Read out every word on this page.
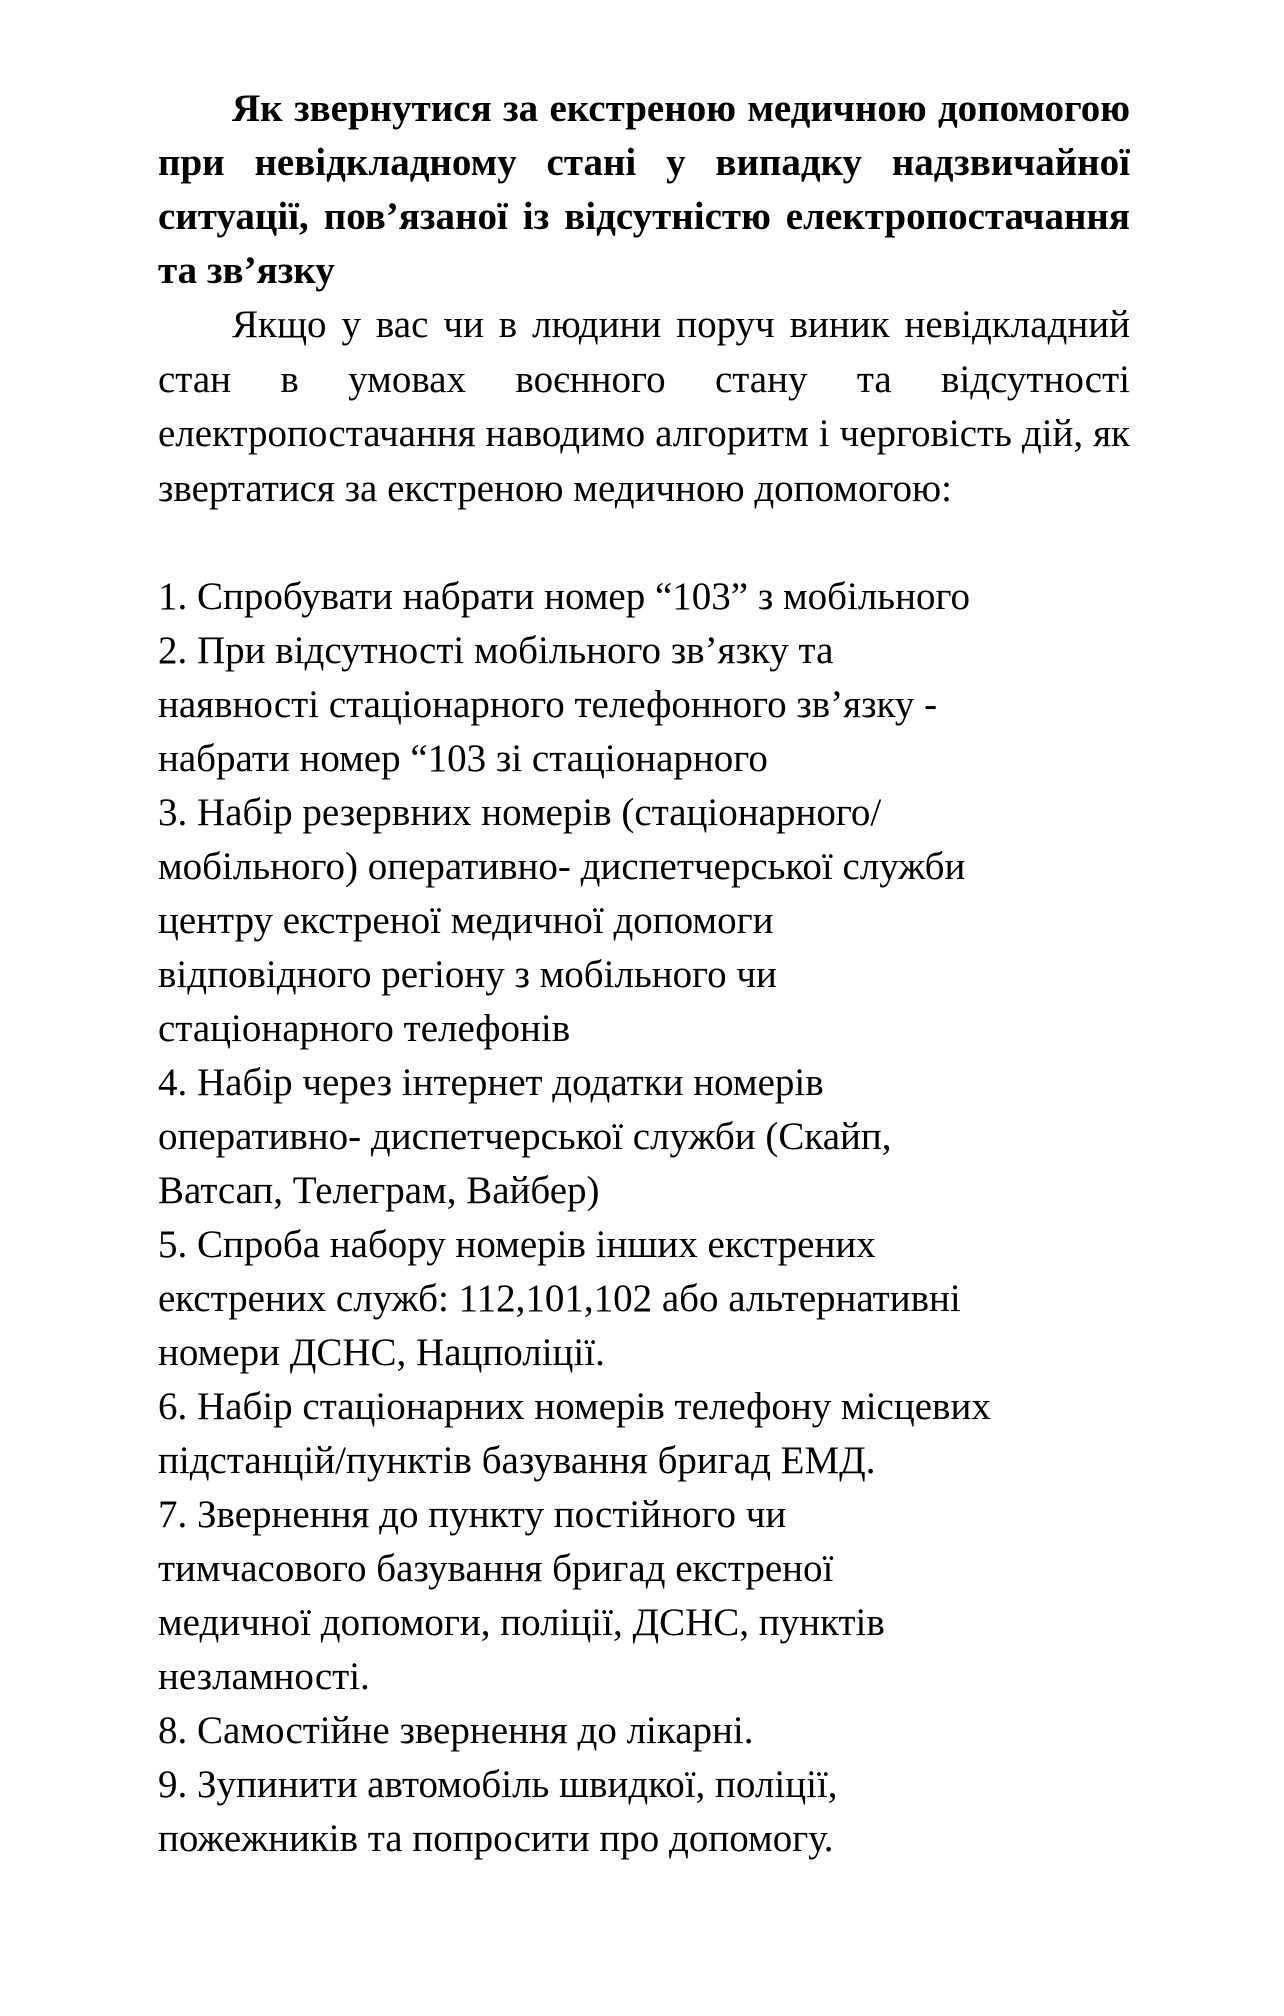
Як звернутися за екстреною медичною допомогою при невідкладному стані у випадку надзвичайної ситуації, пов’язаної із відсутністю електропостачання та зв’язку

Якщо у вас чи в людини поруч виник невідкладний стан в умовах воєнного стану та відсутності електропостачання наводимо алгоритм і черговість дій, як звертатися за екстреною медичною допомогою:

1. Спробувати набрати номер “103” з мобільного
2. При відсутності мобільного зв’язку та
наявності стаціонарного телефонного зв’язку -
набрати номер “103 зі стаціонарного
3. Набір резервних номерів (стаціонарного/
мобільного) оперативно- диспетчерської служби
центру екстреної медичної допомоги
відповідного регіону з мобільного чи
стаціонарного телефонів
4. Набір через інтернет додатки номерів
оперативно- диспетчерської служби (Скайп,
Ватсап, Телеграм, Вайбер)
5. Спроба набору номерів інших екстрених
екстрених служб: 112,101,102 або альтернативні
номери ДСНС, Нацполіції.
6. Набір стаціонарних номерів телефону місцевих
підстанцій/пунктів базування бригад ЕМД.
7. Звернення до пункту постійного чи
тимчасового базування бригад екстреної
медичної допомоги, поліції, ДСНС, пунктів
незламності.
8. Самостійне звернення до лікарні.
9. Зупинити автомобіль швидкої, поліції,
пожежників та попросити про допомогу.
